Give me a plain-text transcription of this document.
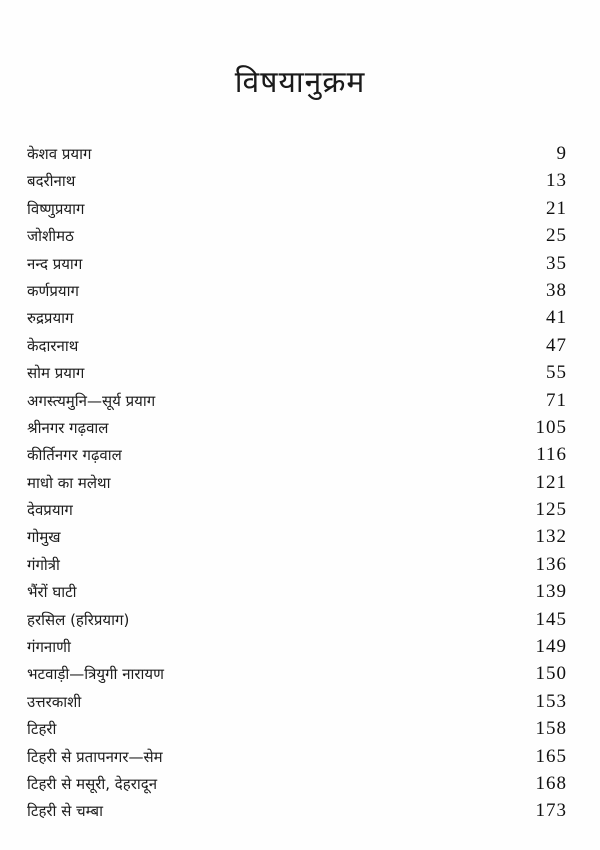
विषयानुक्रम
केशव प्रयाग	9
बदरीनाथ	13
विष्णुप्रयाग	21
जोशीमठ	25
नन्द प्रयाग	35
कर्णप्रयाग	38
रुद्रप्रयाग	41
केदारनाथ	47
सोम प्रयाग	55
अगस्त्यमुनि—सूर्य प्रयाग	71
श्रीनगर गढ़वाल	105
कीर्तिनगर गढ़वाल	116
माधो का मलेथा	121
देवप्रयाग	125
गोमुख	132
गंगोत्री	136
भैंरों घाटी	139
हरसिल (हरिप्रयाग)	145
गंगनाणी	149
भटवाड़ी—त्रियुगी नारायण	150
उत्तरकाशी	153
टिहरी	158
टिहरी से प्रतापनगर—सेम	165
टिहरी से मसूरी, देहरादून	168
टिहरी से चम्बा	173
